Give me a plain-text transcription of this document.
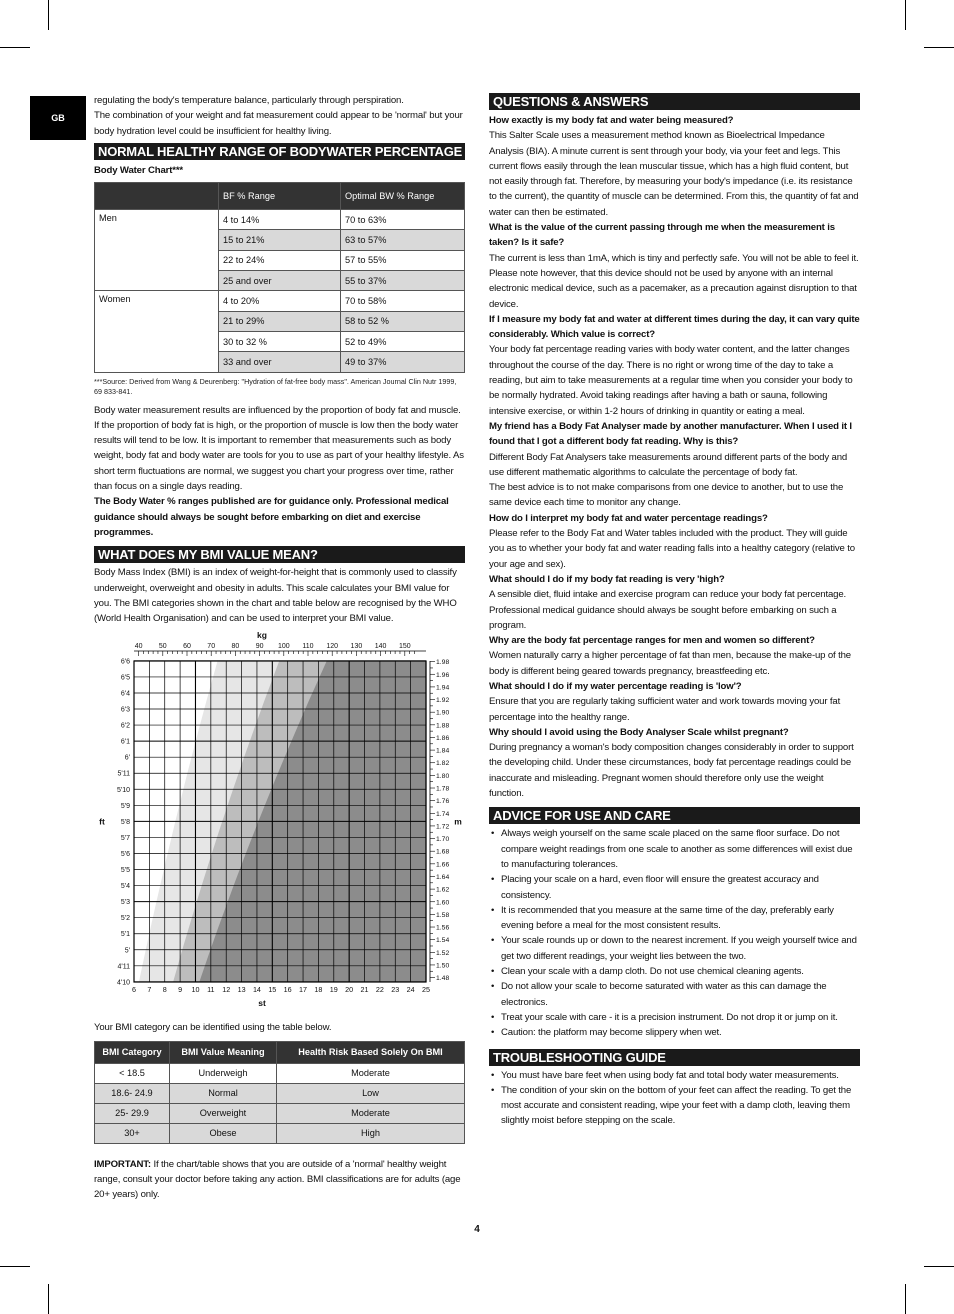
GB

regulating the body's temperature balance, particularly through perspiration.

The combination of your weight and fat measurement could appear to be 'normal' but your body hydration level could be insufficient for healthy living.

NORMAL HEALTHY RANGE OF BODYWATER PERCENTAGE

Body Water Chart***

	BF % Range	Optimal BW % Range
Men	4 to 14%	70 to 63%
	15 to 21%	63 to 57%
	22 to 24%	57 to 55%
	25 and over	55 to 37%
Women	4 to 20%	70 to 58%
	21 to 29%	58 to 52 %
	30 to 32 %	52 to 49%
	33 and over	49 to 37%

***Source: Derived from Wang & Deurenberg: "Hydration of fat-free body mass". American Journal Clin Nutr 1999, 69 833-841.

Body water measurement results are influenced by the proportion of body fat and muscle. If the proportion of body fat is high, or the proportion of muscle is low then the body water results will tend to be low. It is important to remember that measurements such as body weight, body fat and body water are tools for you to use as part of your healthy lifestyle. As short term fluctuations are normal, we suggest you chart your progress over time, rather than focus on a single days reading.

The Body Water % ranges published are for guidance only. Professional medical guidance should always be sought before embarking on diet and exercise programmes.

WHAT DOES MY BMI VALUE MEAN?

Body Mass Index (BMI) is an index of weight-for-height that is commonly used to classify underweight, overweight and obesity in adults. This scale calculates your BMI value for you. The BMI categories shown in the chart and table below are recognised by the WHO (World Health Organisation) and can be used to interpret your BMI value.

40 50 60 70 80 90 100 110 120 130 140 150
kg
6 7 8 9 10 11 12 13 14 15 16 17 18 19 20 21 22 23 24 25
st
6'6
6'5
6'4
6'3
6'2
6'1
6'
5'11
5'10
5'9
5'8
5'7
5'6
5'5
5'4
5'3
5'2
5'1
5'
4'11
4'10
ft
1.98
1.96
1.94
1.92
1.90
1.88
1.86
1.84
1.82
1.80
1.78
1.76
1.74
1.72
1.70
1.68
1.66
1.64
1.62
1.60
1.58
1.56
1.54
1.52
1.50
1.48
m

Your BMI category can be identified using the table below.

BMI Category	BMI Value Meaning	Health Risk Based Solely On BMI
< 18.5	Underweigh	Moderate
18.6- 24.9	Normal	Low
25- 29.9	Overweight	Moderate
30+	Obese	High

IMPORTANT: If the chart/table shows that you are outside of a 'normal' healthy weight range, consult your doctor before taking any action. BMI classifications are for adults (age 20+ years) only.

QUESTIONS & ANSWERS

How exactly is my body fat and water being measured?

This Salter Scale uses a measurement method known as Bioelectrical Impedance Analysis (BIA). A minute current is sent through your body, via your feet and legs. This current flows easily through the lean muscular tissue, which has a high fluid content, but not easily through fat. Therefore, by measuring your body's impedance (i.e. its resistance to the current), the quantity of muscle can be determined. From this, the quantity of fat and water can then be estimated.

What is the value of the current passing through me when the measurement is taken? Is it safe?

The current is less than 1mA, which is tiny and perfectly safe. You will not be able to feel it. Please note however, that this device should not be used by anyone with an internal electronic medical device, such as a pacemaker, as a precaution against disruption to that device.

If I measure my body fat and water at different times during the day, it can vary quite considerably. Which value is correct?

Your body fat percentage reading varies with body water content, and the latter changes throughout the course of the day. There is no right or wrong time of the day to take a reading, but aim to take measurements at a regular time when you consider your body to be normally hydrated. Avoid taking readings after having a bath or sauna, following intensive exercise, or within 1-2 hours of drinking in quantity or eating a meal.

My friend has a Body Fat Analyser made by another manufacturer. When I used it I found that I got a different body fat reading. Why is this?

Different Body Fat Analysers take measurements around different parts of the body and use different mathematic algorithms to calculate the percentage of body fat.

The best advice is to not make comparisons from one device to another, but to use the same device each time to monitor any change.

How do I interpret my body fat and water percentage readings?

Please refer to the Body Fat and Water tables included with the product. They will guide you as to whether your body fat and water reading falls into a healthy category (relative to your age and sex).

What should I do if my body fat reading is very 'high?

A sensible diet, fluid intake and exercise program can reduce your body fat percentage. Professional medical guidance should always be sought before embarking on such a program.

Why are the body fat percentage ranges for men and women so different?

Women naturally carry a higher percentage of fat than men, because the make-up of the body is different being geared towards pregnancy, breastfeeding etc.

What should I do if my water percentage reading is 'low'?

Ensure that you are regularly taking sufficient water and work towards moving your fat percentage into the healthy range.

Why should I avoid using the Body Analyser Scale whilst pregnant?

During pregnancy a woman's body composition changes considerably in order to support the developing child. Under these circumstances, body fat percentage readings could be inaccurate and misleading. Pregnant women should therefore only use the weight function.

ADVICE FOR USE AND CARE
• Always weigh yourself on the same scale placed on the same floor surface. Do not compare weight readings from one scale to another as some differences will exist due to manufacturing tolerances.
• Placing your scale on a hard, even floor will ensure the greatest accuracy and consistency.
• It is recommended that you measure at the same time of the day, preferably early evening before a meal for the most consistent results.
• Your scale rounds up or down to the nearest increment. If you weigh yourself twice and get two different readings, your weight lies between the two.
• Clean your scale with a damp cloth. Do not use chemical cleaning agents.
• Do not allow your scale to become saturated with water as this can damage the electronics.
• Treat your scale with care - it is a precision instrument. Do not drop it or jump on it.
• Caution: the platform may become slippery when wet.
TROUBLESHOOTING GUIDE
• You must have bare feet when using body fat and total body water measurements.
• The condition of your skin on the bottom of your feet can affect the reading. To get the most accurate and consistent reading, wipe your feet with a damp cloth, leaving them slightly moist before stepping on the scale.
4
